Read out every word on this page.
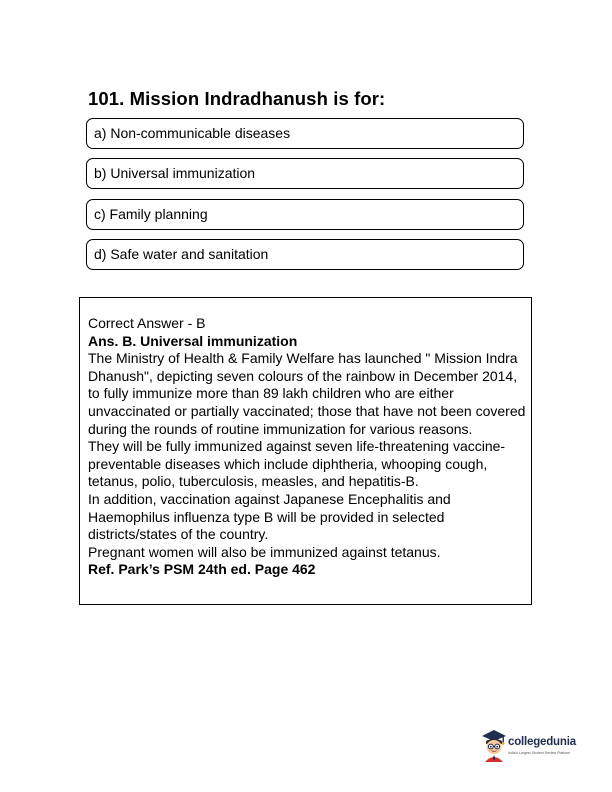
101. Mission Indradhanush is for:
a) Non-communicable diseases
b) Universal immunization
c) Family planning
d) Safe water and sanitation

Correct Answer - B

Ans. B. Universal immunization

The Ministry of Health & Family Welfare has launched " Mission Indra Dhanush", depicting seven colours of the rainbow in December 2014, to fully immunize more than 89 lakh children who are either unvaccinated or partially vaccinated; those that have not been covered during the rounds of routine immunization for various reasons.

They will be fully immunized against seven life-threatening vaccine-preventable diseases which include diphtheria, whooping cough, tetanus, polio, tuberculosis, measles, and hepatitis-B.

In addition, vaccination against Japanese Encephalitis and Haemophilus influenza type B will be provided in selected districts/states of the country.

Pregnant women will also be immunized against tetanus.

Ref. Park’s PSM 24th ed. Page 462

collegedunia
India's Largest Student Review Platform
